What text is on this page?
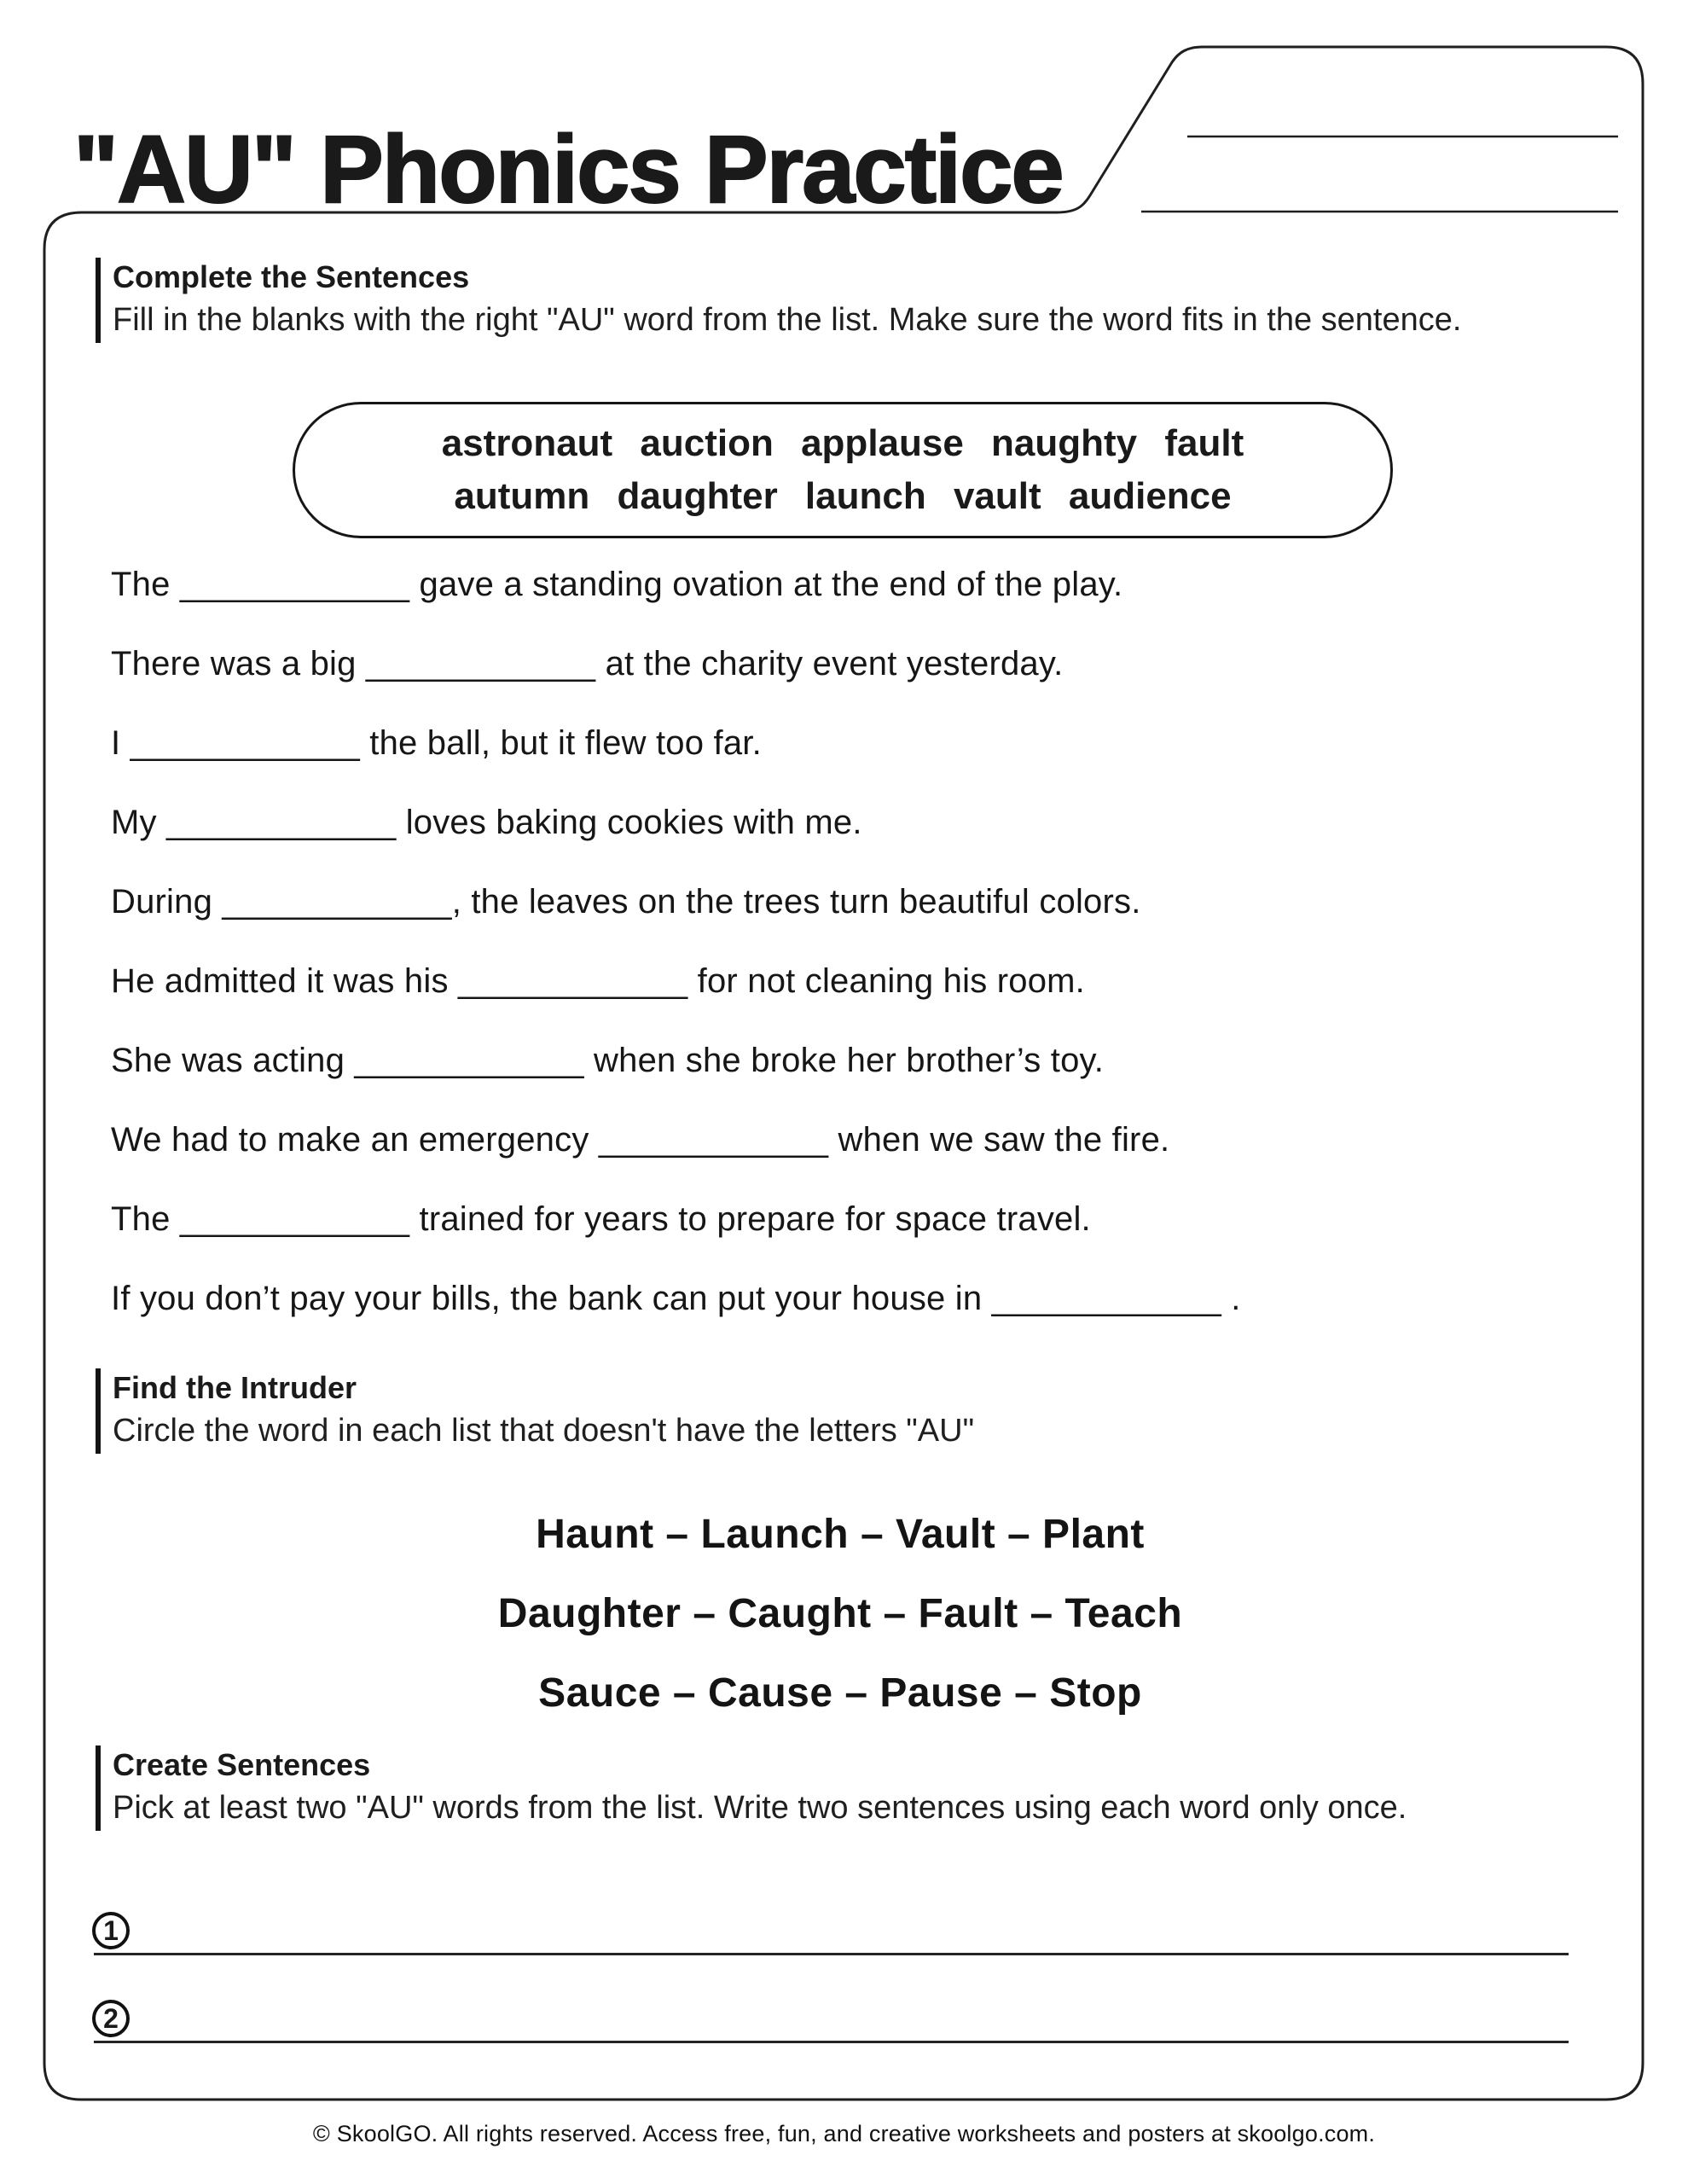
"AU" Phonics Practice
Complete the Sentences
Fill in the blanks with the right "AU" word from the list. Make sure the word fits in the sentence.
astronaut auction applause naughty fault
autumn daughter launch vault audience
The ____________ gave a standing ovation at the end of the play.
There was a big ____________ at the charity event yesterday.
I ____________ the ball, but it flew too far.
My ____________ loves baking cookies with me.
During ____________, the leaves on the trees turn beautiful colors.
He admitted it was his ____________ for not cleaning his room.
She was acting ____________ when she broke her brother’s toy.
We had to make an emergency ____________ when we saw the fire.
The ____________ trained for years to prepare for space travel.
If you don’t pay your bills, the bank can put your house in ____________ .
Find the Intruder
Circle the word in each list that doesn't have the letters "AU"
Haunt – Launch – Vault – Plant
Daughter – Caught – Fault – Teach
Sauce – Cause – Pause – Stop
Create Sentences
Pick at least two "AU" words from the list. Write two sentences using each word only once.
1
2
© SkoolGO. All rights reserved. Access free, fun, and creative worksheets and posters at skoolgo.com.
